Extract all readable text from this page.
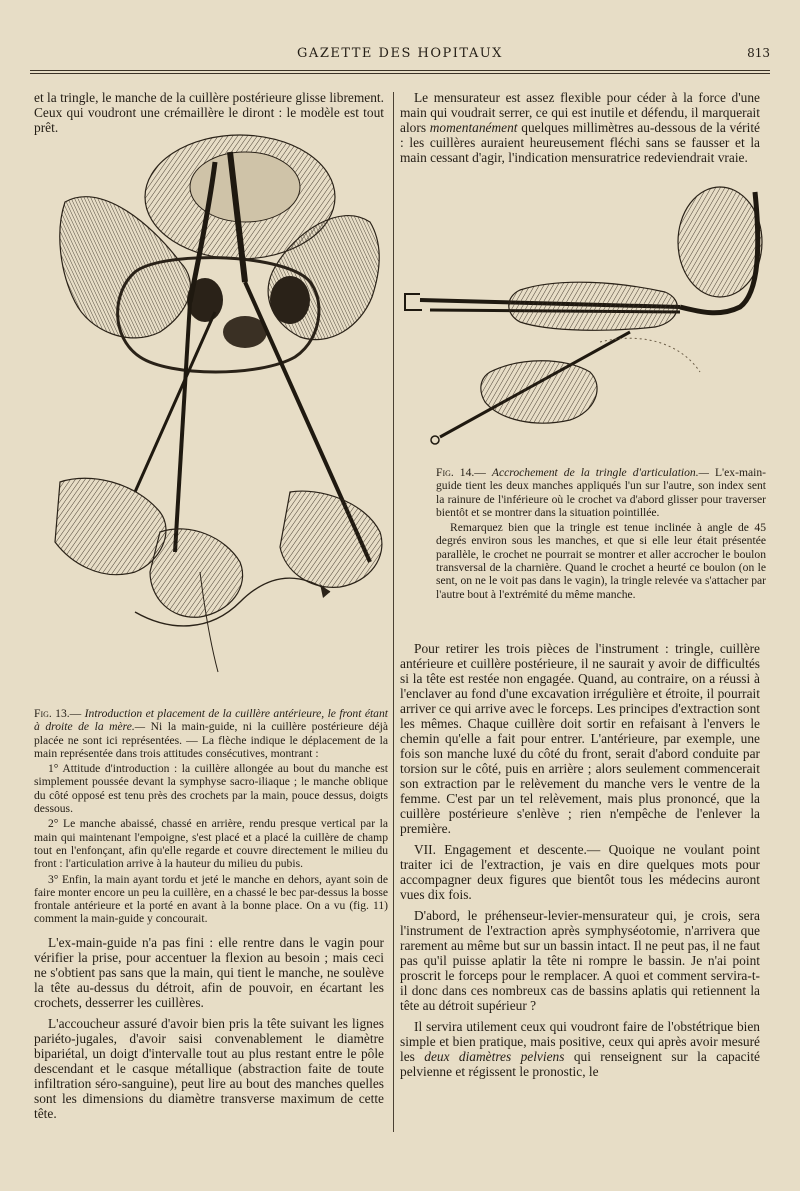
GAZETTE DES HOPITAUX	813

et la tringle, le manche de la cuillère postérieure glisse librement. Ceux qui voudront une crémaillère le diront : le modèle est tout prêt.

Fig. 13.— Introduction et placement de la cuillère antérieure, le front étant à droite de la mère.— Ni la main-guide, ni la cuillère postérieure déjà placée ne sont ici représentées. — La flèche indique le déplacement de la main représentée dans trois attitudes consécutives, montrant :

1° Attitude d'introduction : la cuillère allongée au bout du manche est simplement poussée devant la symphyse sacro-iliaque ; le manche oblique du côté opposé est tenu près des crochets par la main, pouce dessus, doigts dessous.

2° Le manche abaissé, chassé en arrière, rendu presque vertical par la main qui maintenant l'empoigne, s'est placé et a placé la cuillère de champ tout en l'enfonçant, afin qu'elle regarde et couvre directement le milieu du front : l'articulation arrive à la hauteur du milieu du pubis.

3° Enfin, la main ayant tordu et jeté le manche en dehors, ayant soin de faire monter encore un peu la cuillère, en a chassé le bec par-dessus la bosse frontale antérieure et la porté en avant à la bonne place. On a vu (fig. 11) comment la main-guide y concourait.

L'ex-main-guide n'a pas fini : elle rentre dans le vagin pour vérifier la prise, pour accentuer la flexion au besoin ; mais ceci ne s'obtient pas sans que la main, qui tient le manche, ne soulève la tête au-dessus du détroit, afin de pouvoir, en écartant les crochets, desserrer les cuillères.

L'accoucheur assuré d'avoir bien pris la tête suivant les lignes pariéto-jugales, d'avoir saisi convenablement le diamètre bipariétal, un doigt d'intervalle tout au plus restant entre le pôle descendant et le casque métallique (abstraction faite de toute infiltration séro-sanguine), peut lire au bout des manches quelles sont les dimensions du diamètre transverse maximum de cette tête.

Le mensurateur est assez flexible pour céder à la force d'une main qui voudrait serrer, ce qui est inutile et défendu, il marquerait alors momentanément quelques millimètres au-dessous de la vérité : les cuillères auraient heureusement fléchi sans se fausser et la main cessant d'agir, l'indication mensuratrice redeviendrait vraie.

Fig. 14.— Accrochement de la tringle d'articulation.— L'ex-main-guide tient les deux manches appliqués l'un sur l'autre, son index sent la rainure de l'inférieure où le crochet va d'abord glisser pour traverser bientôt et se montrer dans la situation pointillée.

Remarquez bien que la tringle est tenue inclinée à angle de 45 degrés environ sous les manches, et que si elle leur était présentée parallèle, le crochet ne pourrait se montrer et aller accrocher le boulon transversal de la charnière. Quand le crochet a heurté ce boulon (on le sent, on ne le voit pas dans le vagin), la tringle relevée va s'attacher par l'autre bout à l'extrémité du même manche.

Pour retirer les trois pièces de l'instrument : tringle, cuillère antérieure et cuillère postérieure, il ne saurait y avoir de difficultés si la tête est restée non engagée. Quand, au contraire, on a réussi à l'enclaver au fond d'une excavation irrégulière et étroite, il pourrait arriver ce qui arrive avec le forceps. Les principes d'extraction sont les mêmes. Chaque cuillère doit sortir en refaisant à l'envers le chemin qu'elle a fait pour entrer. L'antérieure, par exemple, une fois son manche luxé du côté du front, serait d'abord conduite par torsion sur le côté, puis en arrière ; alors seulement commencerait son extraction par le relèvement du manche vers le ventre de la femme. C'est par un tel relèvement, mais plus prononcé, que la cuillère postérieure s'enlève ; rien n'empêche de l'enlever la première.

VII. Engagement et descente.— Quoique ne voulant point traiter ici de l'extraction, je vais en dire quelques mots pour accompagner deux figures que bientôt tous les médecins auront vues dix fois.

D'abord, le préhenseur-levier-mensurateur qui, je crois, sera l'instrument de l'extraction après symphyséotomie, n'arrivera que rarement au même but sur un bassin intact. Il ne peut pas, il ne faut pas qu'il puisse aplatir la tête ni rompre le bassin. Je n'ai point proscrit le forceps pour le remplacer. A quoi et comment servira-t-il donc dans ces nombreux cas de bassins aplatis qui retiennent la tête au détroit supérieur ?

Il servira utilement ceux qui voudront faire de l'obstétrique bien simple et bien pratique, mais positive, ceux qui après avoir mesuré les deux diamètres pelviens qui renseignent sur la capacité pelvienne et régissent le pronostic, le
